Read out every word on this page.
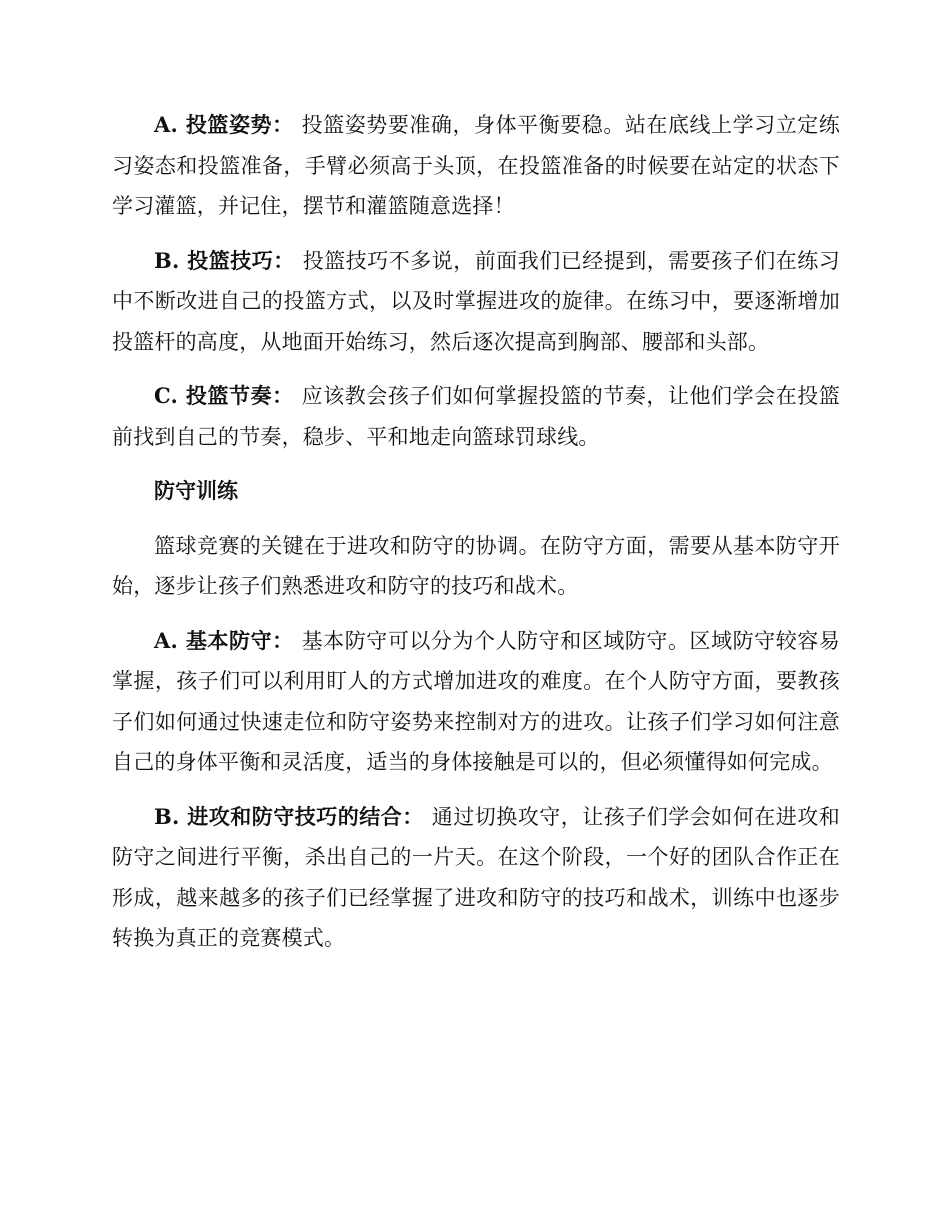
A. 投篮姿势： 投篮姿势要准确，身体平衡要稳。站在底线上学习立定练习姿态和投篮准备，手臂必须高于头顶，在投篮准备的时候要在站定的状态下学习灌篮，并记住，摆节和灌篮随意选择！

B. 投篮技巧： 投篮技巧不多说，前面我们已经提到，需要孩子们在练习中不断改进自己的投篮方式，以及时掌握进攻的旋律。在练习中，要逐渐增加投篮杆的高度，从地面开始练习，然后逐次提高到胸部、腰部和头部。

C. 投篮节奏： 应该教会孩子们如何掌握投篮的节奏，让他们学会在投篮前找到自己的节奏，稳步、平和地走向篮球罚球线。

防守训练

篮球竞赛的关键在于进攻和防守的协调。在防守方面，需要从基本防守开始，逐步让孩子们熟悉进攻和防守的技巧和战术。

A. 基本防守： 基本防守可以分为个人防守和区域防守。区域防守较容易掌握，孩子们可以利用盯人的方式增加进攻的难度。在个人防守方面，要教孩子们如何通过快速走位和防守姿势来控制对方的进攻。让孩子们学习如何注意自己的身体平衡和灵活度，适当的身体接触是可以的，但必须懂得如何完成。

B. 进攻和防守技巧的结合： 通过切换攻守，让孩子们学会如何在进攻和防守之间进行平衡，杀出自己的一片天。在这个阶段，一个好的团队合作正在形成，越来越多的孩子们已经掌握了进攻和防守的技巧和战术，训练中也逐步转换为真正的竞赛模式。
